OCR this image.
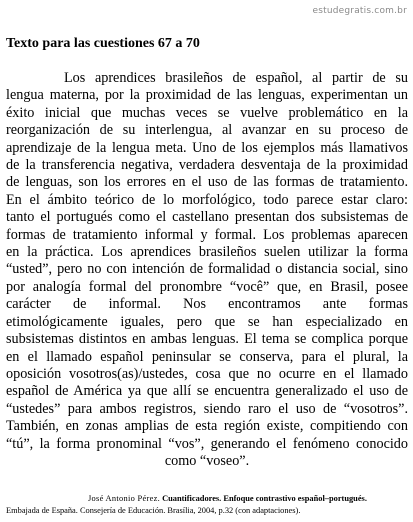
estudegratis.com.br
Texto para las cuestiones 67 a 70
Los aprendices brasileños de español, al partir de su
lengua materna, por la proximidad de las lenguas, experimentan un
éxito inicial que muchas veces se vuelve problemático en la
reorganización de su interlengua, al avanzar en su proceso de
aprendizaje de la lengua meta. Uno de los ejemplos más llamativos
de la transferencia negativa, verdadera desventaja de la proximidad
de lenguas, son los errores en el uso de las formas de tratamiento.
En el ámbito teórico de lo morfológico, todo parece estar claro:
tanto el portugués como el castellano presentan dos subsistemas de
formas de tratamiento informal y formal. Los problemas aparecen
en la práctica. Los aprendices brasileños suelen utilizar la forma
“usted”, pero no con intención de formalidad o distancia social, sino
por analogía formal del pronombre “você” que, en Brasil, posee
carácter de informal. Nos encontramos ante formas
etimológicamente iguales, pero que se han especializado en
subsistemas distintos en ambas lenguas. El tema se complica porque
en el llamado español peninsular se conserva, para el plural, la
oposición vosotros(as)/ustedes, cosa que no ocurre en el llamado
español de América ya que allí se encuentra generalizado el uso de
“ustedes” para ambos registros, siendo raro el uso de “vosotros”.
También, en zonas amplias de esta región existe, compitiendo con
“tú”, la forma pronominal “vos”, generando el fenómeno conocido
como “voseo”.
José Antonio Pérez. Cuantificadores. Enfoque contrastivo español–portugués.
Embajada de España. Consejería de Educación. Brasília, 2004, p.32 (con adaptaciones).
